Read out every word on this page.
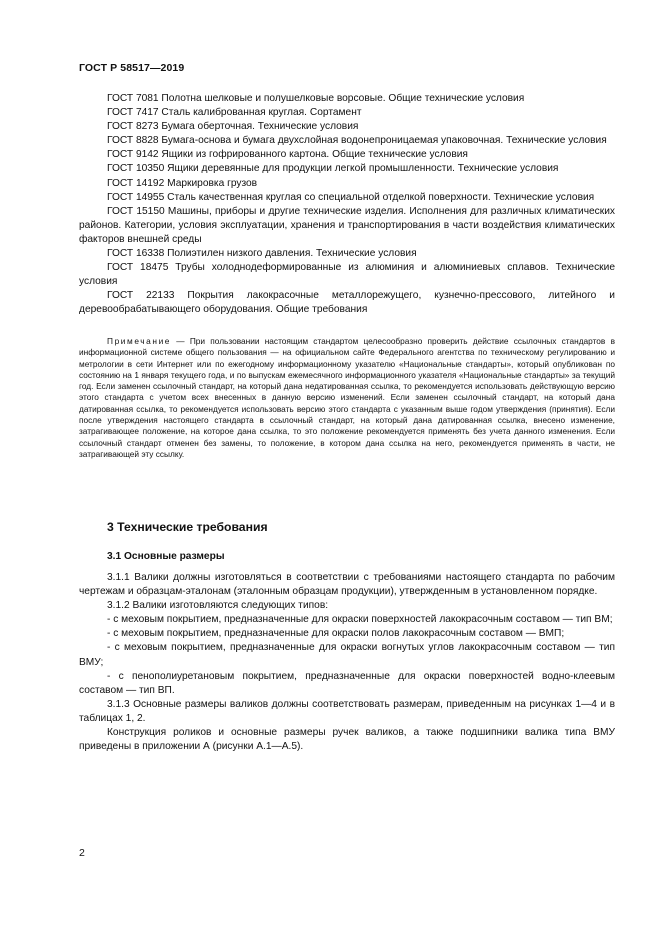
ГОСТ Р 58517—2019

ГОСТ 7081 Полотна шелковые и полушелковые ворсовые. Общие технические условия

ГОСТ 7417 Сталь калиброванная круглая. Сортамент

ГОСТ 8273 Бумага оберточная. Технические условия

ГОСТ 8828 Бумага-основа и бумага двухслойная водонепроницаемая упаковочная. Технические условия

ГОСТ 9142 Ящики из гофрированного картона. Общие технические условия

ГОСТ 10350 Ящики деревянные для продукции легкой промышленности. Технические условия

ГОСТ 14192 Маркировка грузов

ГОСТ 14955 Сталь качественная круглая со специальной отделкой поверхности. Технические условия

ГОСТ 15150 Машины, приборы и другие технические изделия. Исполнения для различных климатических районов. Категории, условия эксплуатации, хранения и транспортирования в части воздействия климатических факторов внешней среды

ГОСТ 16338 Полиэтилен низкого давления. Технические условия

ГОСТ 18475 Трубы холоднодеформированные из алюминия и алюминиевых сплавов. Технические условия

ГОСТ 22133 Покрытия лакокрасочные металлорежущего, кузнечно-прессового, литейного и деревообрабатывающего оборудования. Общие требования

Примечание — При пользовании настоящим стандартом целесообразно проверить действие ссылочных стандартов в информационной системе общего пользования — на официальном сайте Федерального агентства по техническому регулированию и метрологии в сети Интернет или по ежегодному информационному указателю «Национальные стандарты», который опубликован по состоянию на 1 января текущего года, и по выпускам ежемесячного информационного указателя «Национальные стандарты» за текущий год. Если заменен ссылочный стандарт, на который дана недатированная ссылка, то рекомендуется использовать действующую версию этого стандарта с учетом всех внесенных в данную версию изменений. Если заменен ссылочный стандарт, на который дана датированная ссылка, то рекомендуется использовать версию этого стандарта с указанным выше годом утверждения (принятия). Если после утверждения настоящего стандарта в ссылочный стандарт, на который дана датированная ссылка, внесено изменение, затрагивающее положение, на которое дана ссылка, то это положение рекомендуется применять без учета данного изменения. Если ссылочный стандарт отменен без замены, то положение, в котором дана ссылка на него, рекомендуется применять в части, не затрагивающей эту ссылку.

3 Технические требования
3.1 Основные размеры

3.1.1 Валики должны изготовляться в соответствии с требованиями настоящего стандарта по рабочим чертежам и образцам-эталонам (эталонным образцам продукции), утвержденным в установленном порядке.

3.1.2 Валики изготовляются следующих типов:

- с меховым покрытием, предназначенные для окраски поверхностей лакокрасочным составом — тип ВМ;

- с меховым покрытием, предназначенные для окраски полов лакокрасочным составом — ВМП;

- с меховым покрытием, предназначенные для окраски вогнутых углов лакокрасочным составом — тип ВМУ;

- с пенополиуретановым покрытием, предназначенные для окраски поверхностей водно-клеевым составом — тип ВП.

3.1.3 Основные размеры валиков должны соответствовать размерам, приведенным на рисунках 1—4 и в таблицах 1, 2.

Конструкция роликов и основные размеры ручек валиков, а также подшипники валика типа ВМУ приведены в приложении А (рисунки А.1—А.5).

2
